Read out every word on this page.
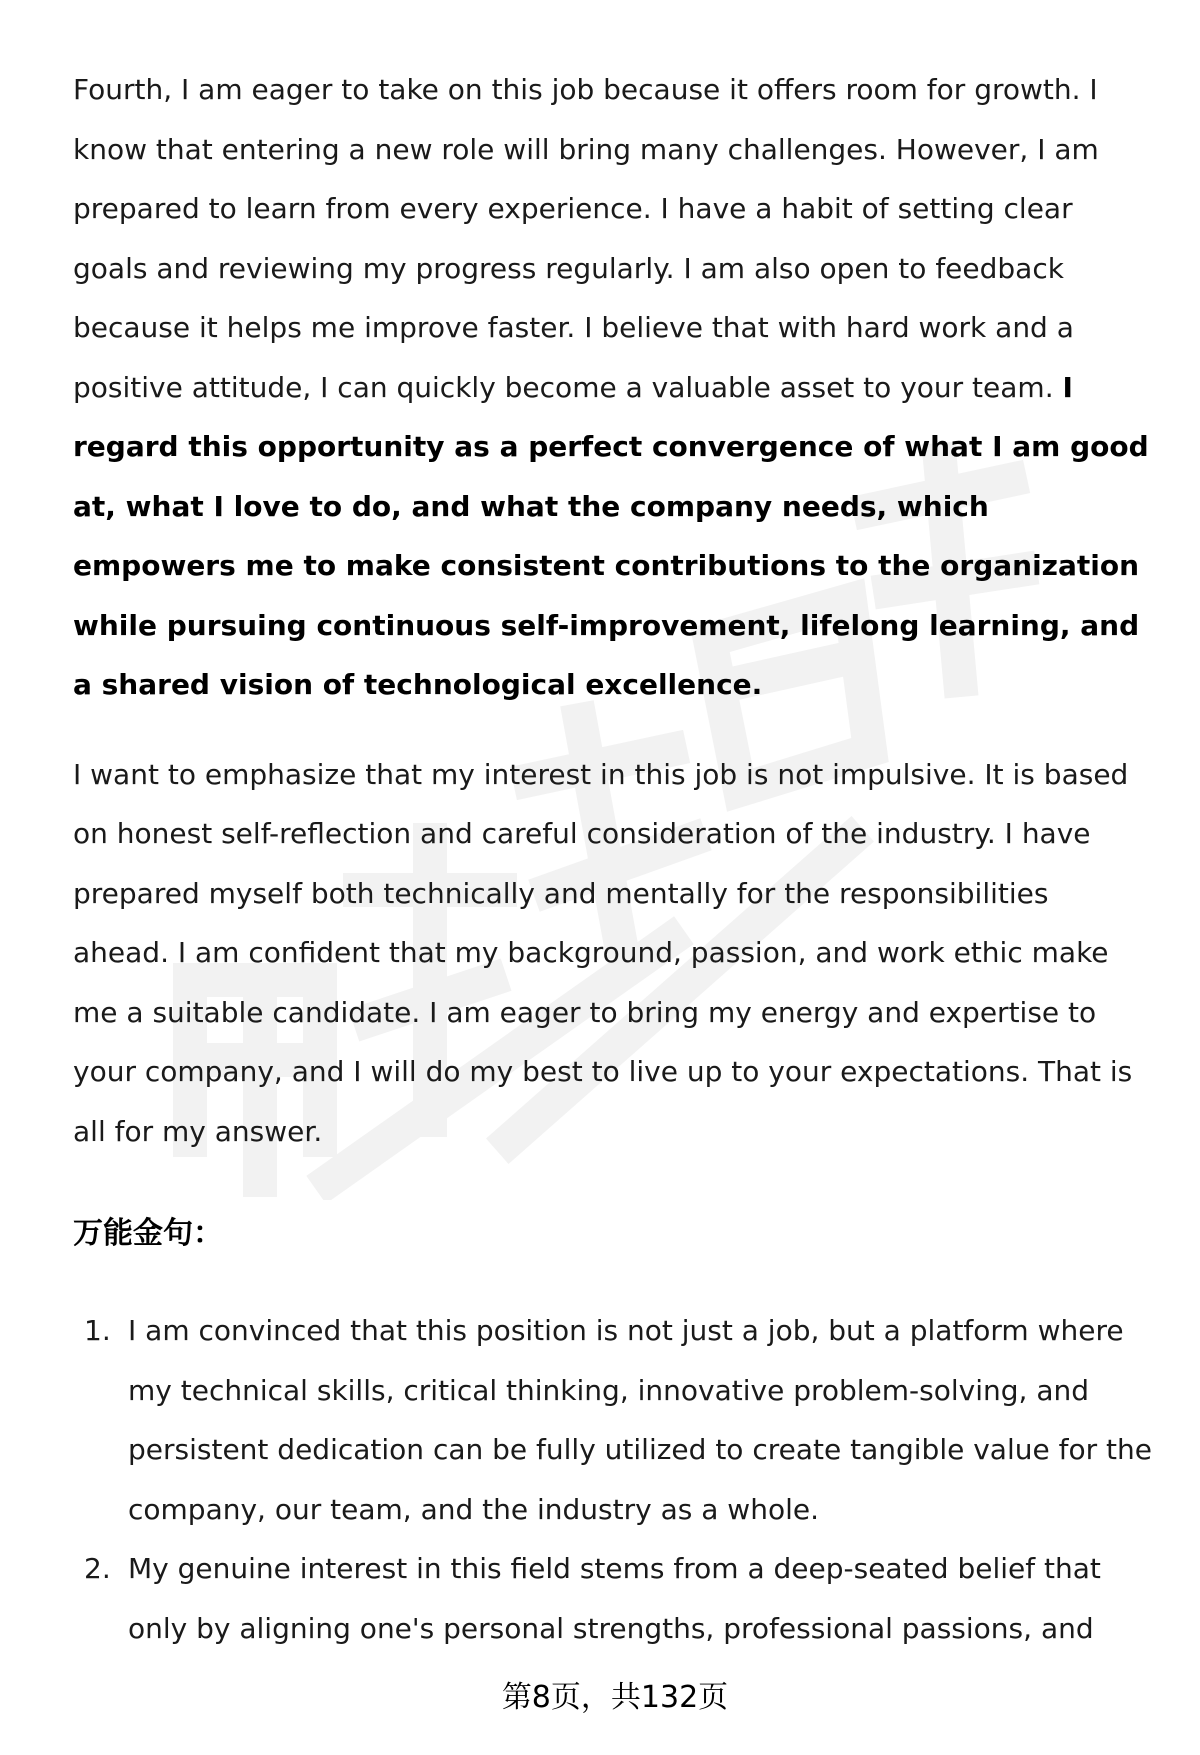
Fourth, I am eager to take on this job because it offers room for growth. I know that entering a new role will bring many challenges. However, I am prepared to learn from every experience. I have a habit of setting clear goals and reviewing my progress regularly. I am also open to feedback because it helps me improve faster. I believe that with hard work and a positive attitude, I can quickly become a valuable asset to your team. I regard this opportunity as a perfect convergence of what I am good at, what I love to do, and what the company needs, which empowers me to make consistent contributions to the organization while pursuing continuous self-improvement, lifelong learning, and a shared vision of technological excellence.

I want to emphasize that my interest in this job is not impulsive. It is based on honest self-reflection and careful consideration of the industry. I have prepared myself both technically and mentally for the responsibilities ahead. I am confident that my background, passion, and work ethic make me a suitable candidate. I am eager to bring my energy and expertise to your company, and I will do my best to live up to your expectations. That is all for my answer.

万能金句：
1. I am convinced that this position is not just a job, but a platform where my technical skills, critical thinking, innovative problem-solving, and persistent dedication can be fully utilized to create tangible value for the company, our team, and the industry as a whole.
2. My genuine interest in this field stems from a deep-seated belief that only by aligning one's personal strengths, professional passions, and
第8页，共132页
